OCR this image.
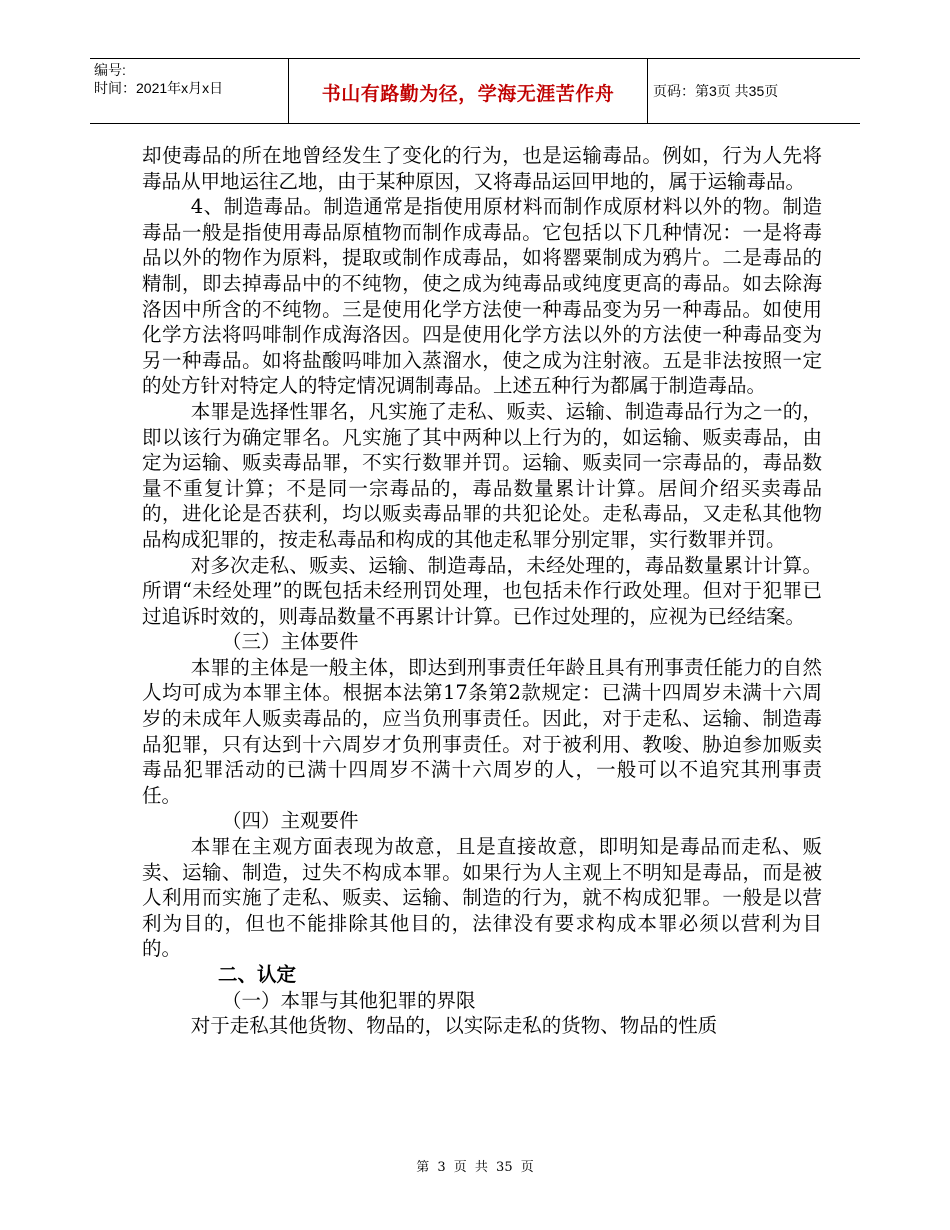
编号:
时间：2021年x月x日	书山有路勤为径，学海无涯苦作舟	页码：第3页 共35页

却使毒品的所在地曾经发生了变化的行为，也是运输毒品。例如，行为人先将毒品从甲地运往乙地，由于某种原因，又将毒品运回甲地的，属于运输毒品。

4、制造毒品。制造通常是指使用原材料而制作成原材料以外的物。制造毒品一般是指使用毒品原植物而制作成毒品。它包括以下几种情况：一是将毒品以外的物作为原料，提取或制作成毒品，如将罂粟制成为鸦片。二是毒品的精制，即去掉毒品中的不纯物，使之成为纯毒品或纯度更高的毒品。如去除海洛因中所含的不纯物。三是使用化学方法使一种毒品变为另一种毒品。如使用化学方法将吗啡制作成海洛因。四是使用化学方法以外的方法使一种毒品变为另一种毒品。如将盐酸吗啡加入蒸溜水，使之成为注射液。五是非法按照一定的处方针对特定人的特定情况调制毒品。上述五种行为都属于制造毒品。

本罪是选择性罪名，凡实施了走私、贩卖、运输、制造毒品行为之一的，即以该行为确定罪名。凡实施了其中两种以上行为的，如运输、贩卖毒品，由定为运输、贩卖毒品罪，不实行数罪并罚。运输、贩卖同一宗毒品的，毒品数量不重复计算；不是同一宗毒品的，毒品数量累计计算。居间介绍买卖毒品的，进化论是否获利，均以贩卖毒品罪的共犯论处。走私毒品，又走私其他物品构成犯罪的，按走私毒品和构成的其他走私罪分别定罪，实行数罪并罚。

对多次走私、贩卖、运输、制造毒品，未经处理的，毒品数量累计计算。所谓“未经处理”的既包括未经刑罚处理，也包括未作行政处理。但对于犯罪已过追诉时效的，则毒品数量不再累计计算。已作过处理的，应视为已经结案。

（三）主体要件

本罪的主体是一般主体，即达到刑事责任年龄且具有刑事责任能力的自然人均可成为本罪主体。根据本法第17条第2款规定：已满十四周岁未满十六周岁的未成年人贩卖毒品的，应当负刑事责任。因此，对于走私、运输、制造毒品犯罪，只有达到十六周岁才负刑事责任。对于被利用、教唆、胁迫参加贩卖毒品犯罪活动的已满十四周岁不满十六周岁的人，一般可以不追究其刑事责任。

（四）主观要件

本罪在主观方面表现为故意，且是直接故意，即明知是毒品而走私、贩卖、运输、制造，过失不构成本罪。如果行为人主观上不明知是毒品，而是被人利用而实施了走私、贩卖、运输、制造的行为，就不构成犯罪。一般是以营利为目的，但也不能排除其他目的，法律没有要求构成本罪必须以营利为目的。

二、认定

（一）本罪与其他犯罪的界限

对于走私其他货物、物品的，以实际走私的货物、物品的性质

第 3 页 共 35 页
